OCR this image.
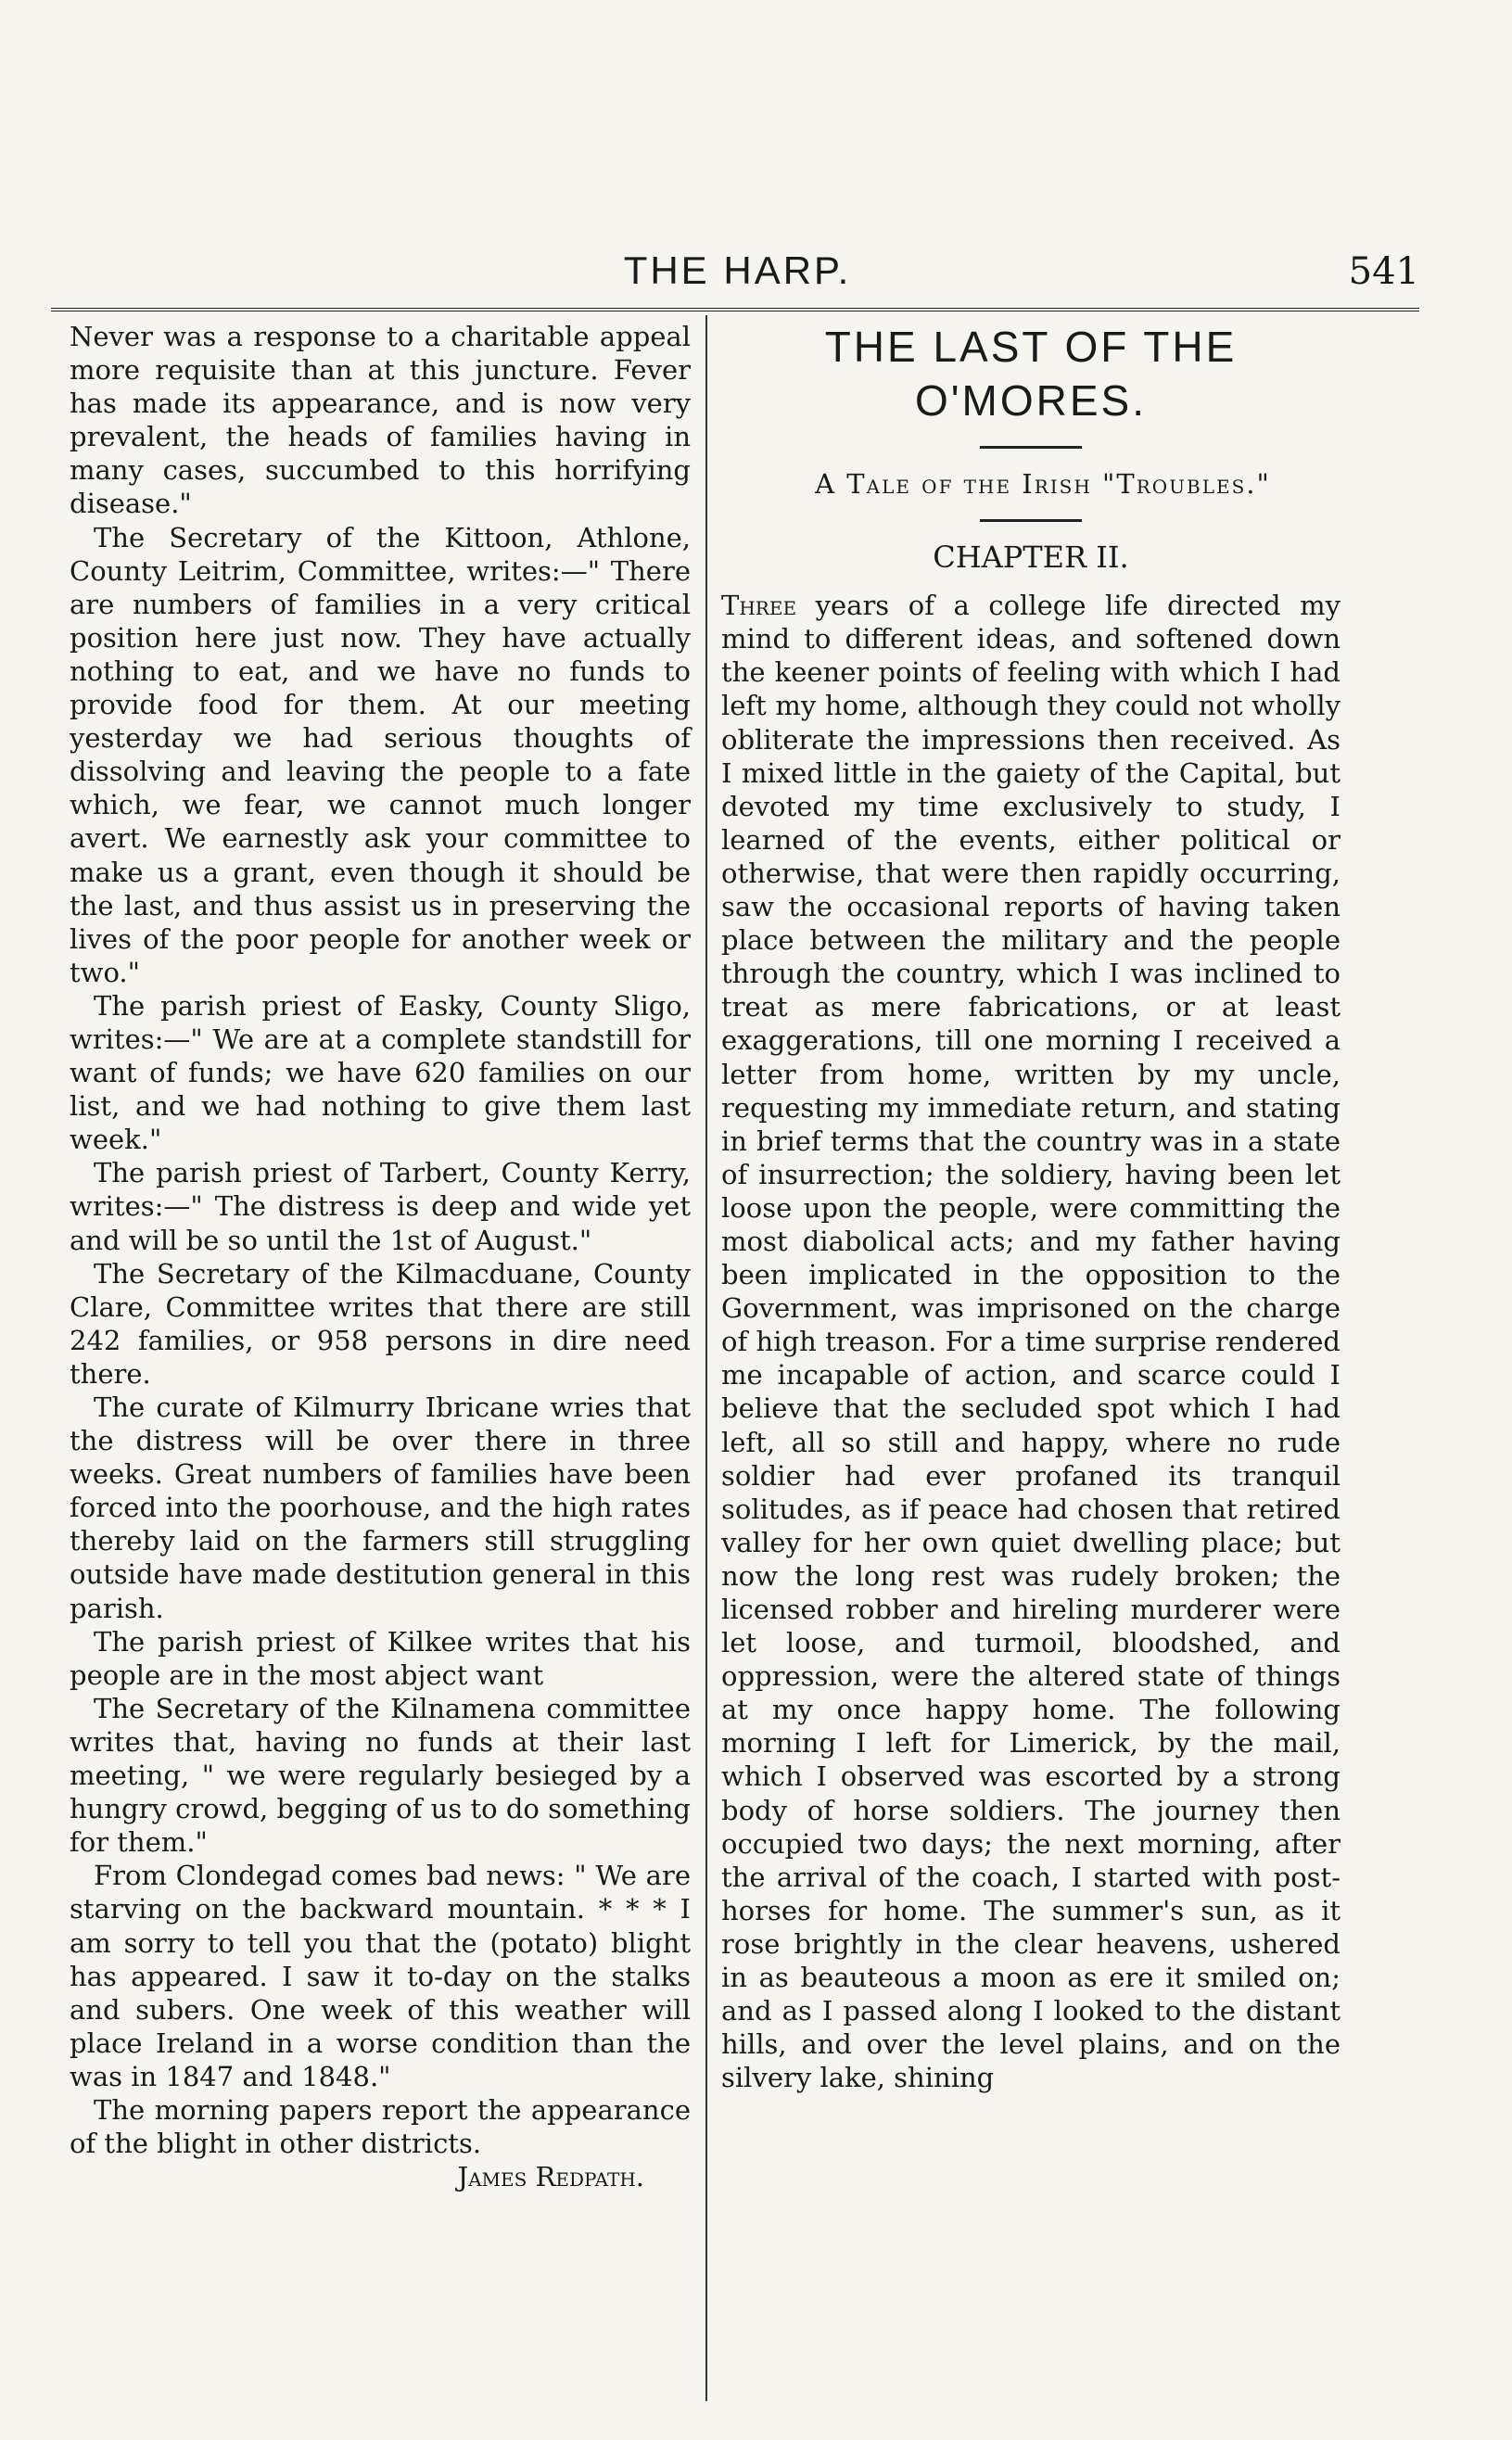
THE HARP.	541

Never was a response to a charitable appeal more requisite than at this juncture. Fever has made its appearance, and is now very prevalent, the heads of families having in many cases, succumbed to this horrifying disease."

The Secretary of the Kittoon, Athlone, County Leitrim, Committee, writes:—" There are numbers of families in a very critical position here just now. They have actually nothing to eat, and we have no funds to provide food for them. At our meeting yesterday we had serious thoughts of dissolving and leaving the people to a fate which, we fear, we cannot much longer avert. We earnestly ask your committee to make us a grant, even though it should be the last, and thus assist us in preserving the lives of the poor people for another week or two."

The parish priest of Easky, County Sligo, writes:—" We are at a complete standstill for want of funds; we have 620 families on our list, and we had nothing to give them last week."

The parish priest of Tarbert, County Kerry, writes:—" The distress is deep and wide yet and will be so until the 1st of August."

The Secretary of the Kilmacduane, County Clare, Committee writes that there are still 242 families, or 958 persons in dire need there.

The curate of Kilmurry Ibricane wries that the distress will be over there in three weeks. Great numbers of families have been forced into the poorhouse, and the high rates thereby laid on the farmers still struggling outside have made destitution general in this parish.

The parish priest of Kilkee writes that his people are in the most abject want

The Secretary of the Kilnamena committee writes that, having no funds at their last meeting, " we were regularly besieged by a hungry crowd, begging of us to do something for them."

From Clondegad comes bad news: " We are starving on the backward mountain. * * * I am sorry to tell you that the (potato) blight has appeared. I saw it to-day on the stalks and subers. One week of this weather will place Ireland in a worse condition than the was in 1847 and 1848."

The morning papers report the appearance of the blight in other districts.

James Redpath.

THE LAST OF THE O'MORES.

A Tale of the Irish "Troubles."

CHAPTER II.

Three years of a college life directed my mind to different ideas, and softened down the keener points of feeling with which I had left my home, although they could not wholly obliterate the impressions then received. As I mixed little in the gaiety of the Capital, but devoted my time exclusively to study, I learned of the events, either political or otherwise, that were then rapidly occurring, saw the occasional reports of having taken place between the military and the people through the country, which I was inclined to treat as mere fabrications, or at least exaggerations, till one morning I received a letter from home, written by my uncle, requesting my immediate return, and stating in brief terms that the country was in a state of insurrection; the soldiery, having been let loose upon the people, were committing the most diabolical acts; and my father having been implicated in the opposition to the Government, was imprisoned on the charge of high treason. For a time surprise rendered me incapable of action, and scarce could I believe that the secluded spot which I had left, all so still and happy, where no rude soldier had ever profaned its tranquil solitudes, as if peace had chosen that retired valley for her own quiet dwelling place; but now the long rest was rudely broken; the licensed robber and hireling murderer were let loose, and turmoil, bloodshed, and oppression, were the altered state of things at my once happy home. The following morning I left for Limerick, by the mail, which I observed was escorted by a strong body of horse soldiers. The journey then occupied two days; the next morning, after the arrival of the coach, I started with post-horses for home. The summer's sun, as it rose brightly in the clear heavens, ushered in as beauteous a moon as ere it smiled on; and as I passed along I looked to the distant hills, and over the level plains, and on the silvery lake, shining
